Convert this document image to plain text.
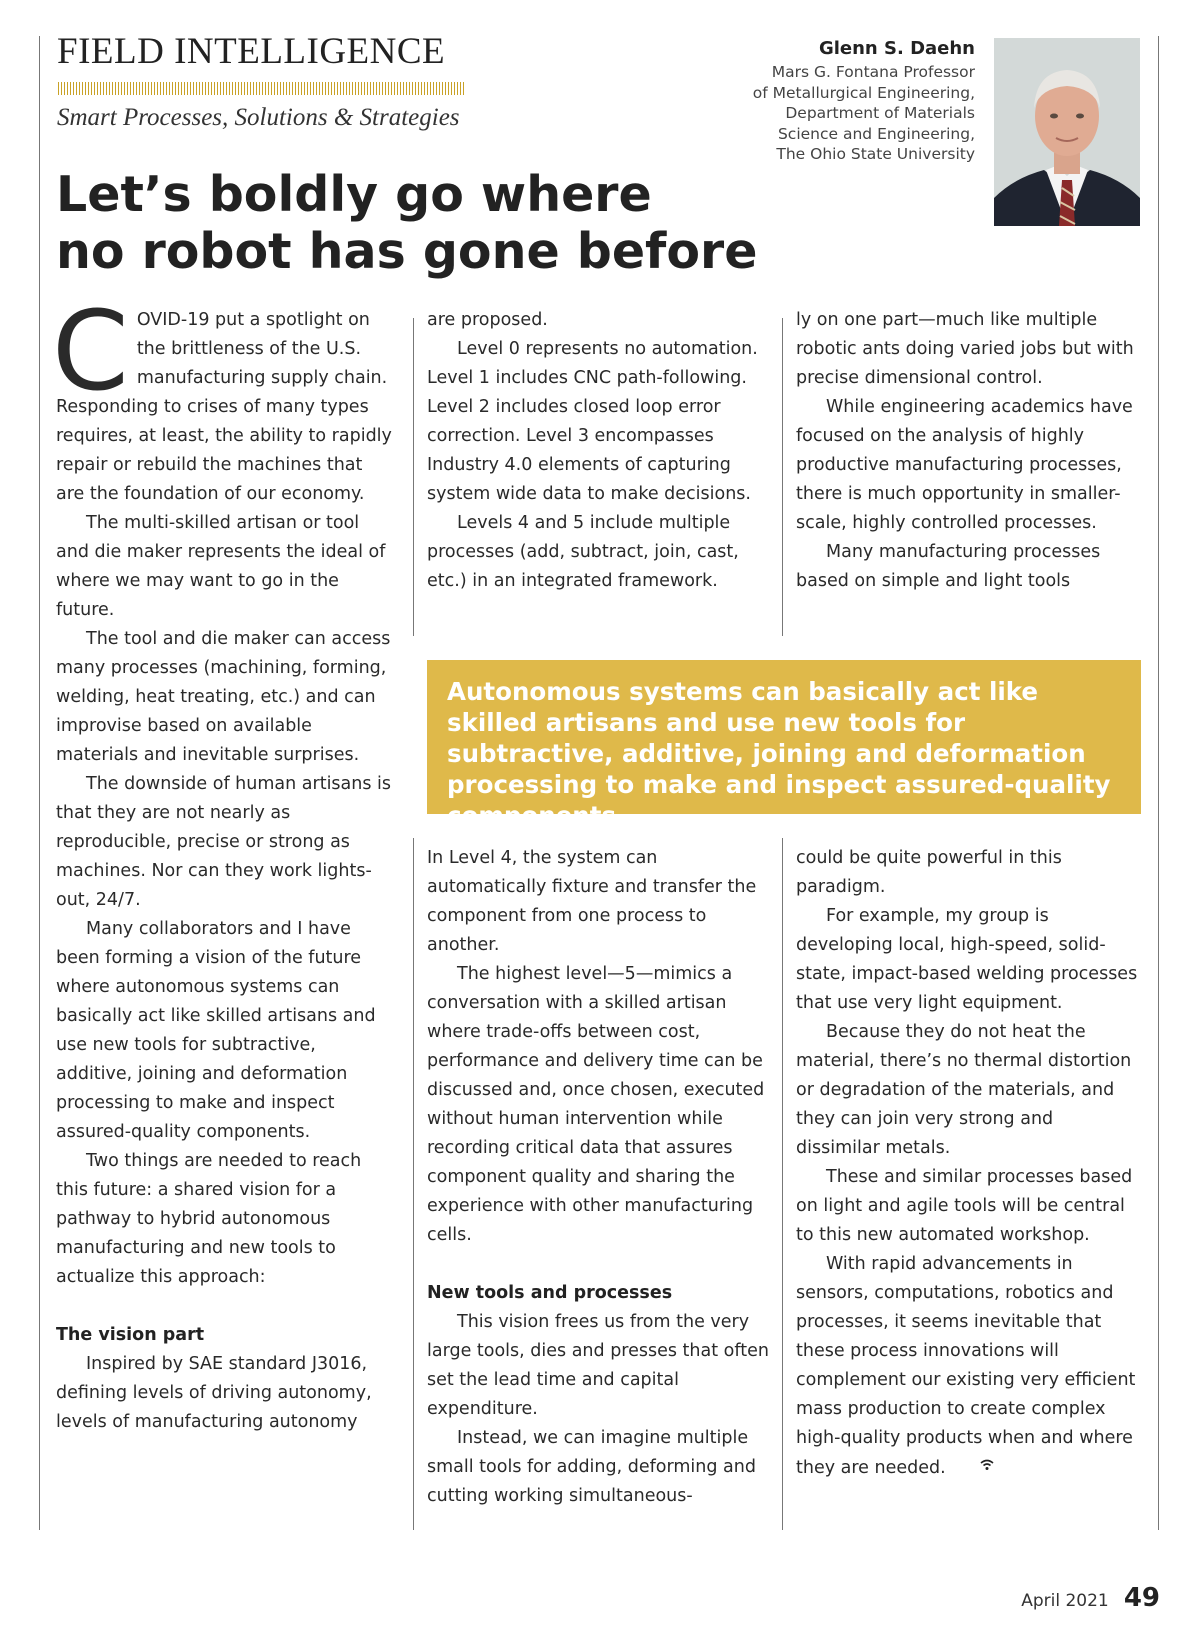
FIELD INTELLIGENCE
Smart Processes, Solutions & Strategies
Let’s boldly go where
no robot has gone before
Glenn S. Daehn
Mars G. Fontana Professor
of Metallurgical Engineering,
Department of Materials
Science and Engineering,
The Ohio State University
C OVID-19 put a spotlight on the brittleness of the U.S. manufacturing supply chain. Responding to crises of many types requires, at least, the ability to rapidly repair or rebuild the machines that are the foundation of our economy.

The multi-skilled artisan or tool and die maker represents the ideal of where we may want to go in the future.

The tool and die maker can access many processes (machining, forming, welding, heat treating, etc.) and can improvise based on available materials and inevitable surprises.

The downside of human artisans is that they are not nearly as reproducible, precise or strong as machines. Nor can they work lights-out, 24/7.

Many collaborators and I have been forming a vision of the future where autonomous systems can basically act like skilled artisans and use new tools for subtractive, additive, joining and deformation processing to make and inspect assured-quality components.

Two things are needed to reach this future: a shared vision for a pathway to hybrid autonomous manufacturing and new tools to actualize this approach:

The vision part

Inspired by SAE standard J3016, defining levels of driving autonomy, levels of manufacturing autonomy

are proposed.

Level 0 represents no automation. Level 1 includes CNC path-following. Level 2 includes closed loop error correction. Level 3 encompasses Industry 4.0 elements of capturing system wide data to make decisions.

Levels 4 and 5 include multiple processes (add, subtract, join, cast, etc.) in an integrated framework.

ly on one part—much like multiple robotic ants doing varied jobs but with precise dimensional control.

While engineering academics have focused on the analysis of highly productive manufacturing processes, there is much opportunity in smaller-scale, highly controlled processes.

Many manufacturing processes based on simple and light tools

Autonomous systems can basically act like skilled artisans and use new tools for subtractive, additive, joining and deformation processing to make and inspect assured-quality components.

In Level 4, the system can automatically fixture and transfer the component from one process to another.

The highest level—5—mimics a conversation with a skilled artisan where trade-offs between cost, performance and delivery time can be discussed and, once chosen, executed without human intervention while recording critical data that assures component quality and sharing the experience with other manufacturing cells.

New tools and processes

This vision frees us from the very large tools, dies and presses that often set the lead time and capital expenditure.

Instead, we can imagine multiple small tools for adding, deforming and cutting working simultaneous-

could be quite powerful in this paradigm.

For example, my group is developing local, high-speed, solid-state, impact-based welding processes that use very light equipment.

Because they do not heat the material, there’s no thermal distortion or degradation of the materials, and they can join very strong and dissimilar metals.

These and similar processes based on light and agile tools will be central to this new automated workshop.

With rapid advancements in sensors, computations, robotics and processes, it seems inevitable that these process innovations will complement our existing very efficient mass production to create complex high-quality products when and where they are needed.

April 2021 49
